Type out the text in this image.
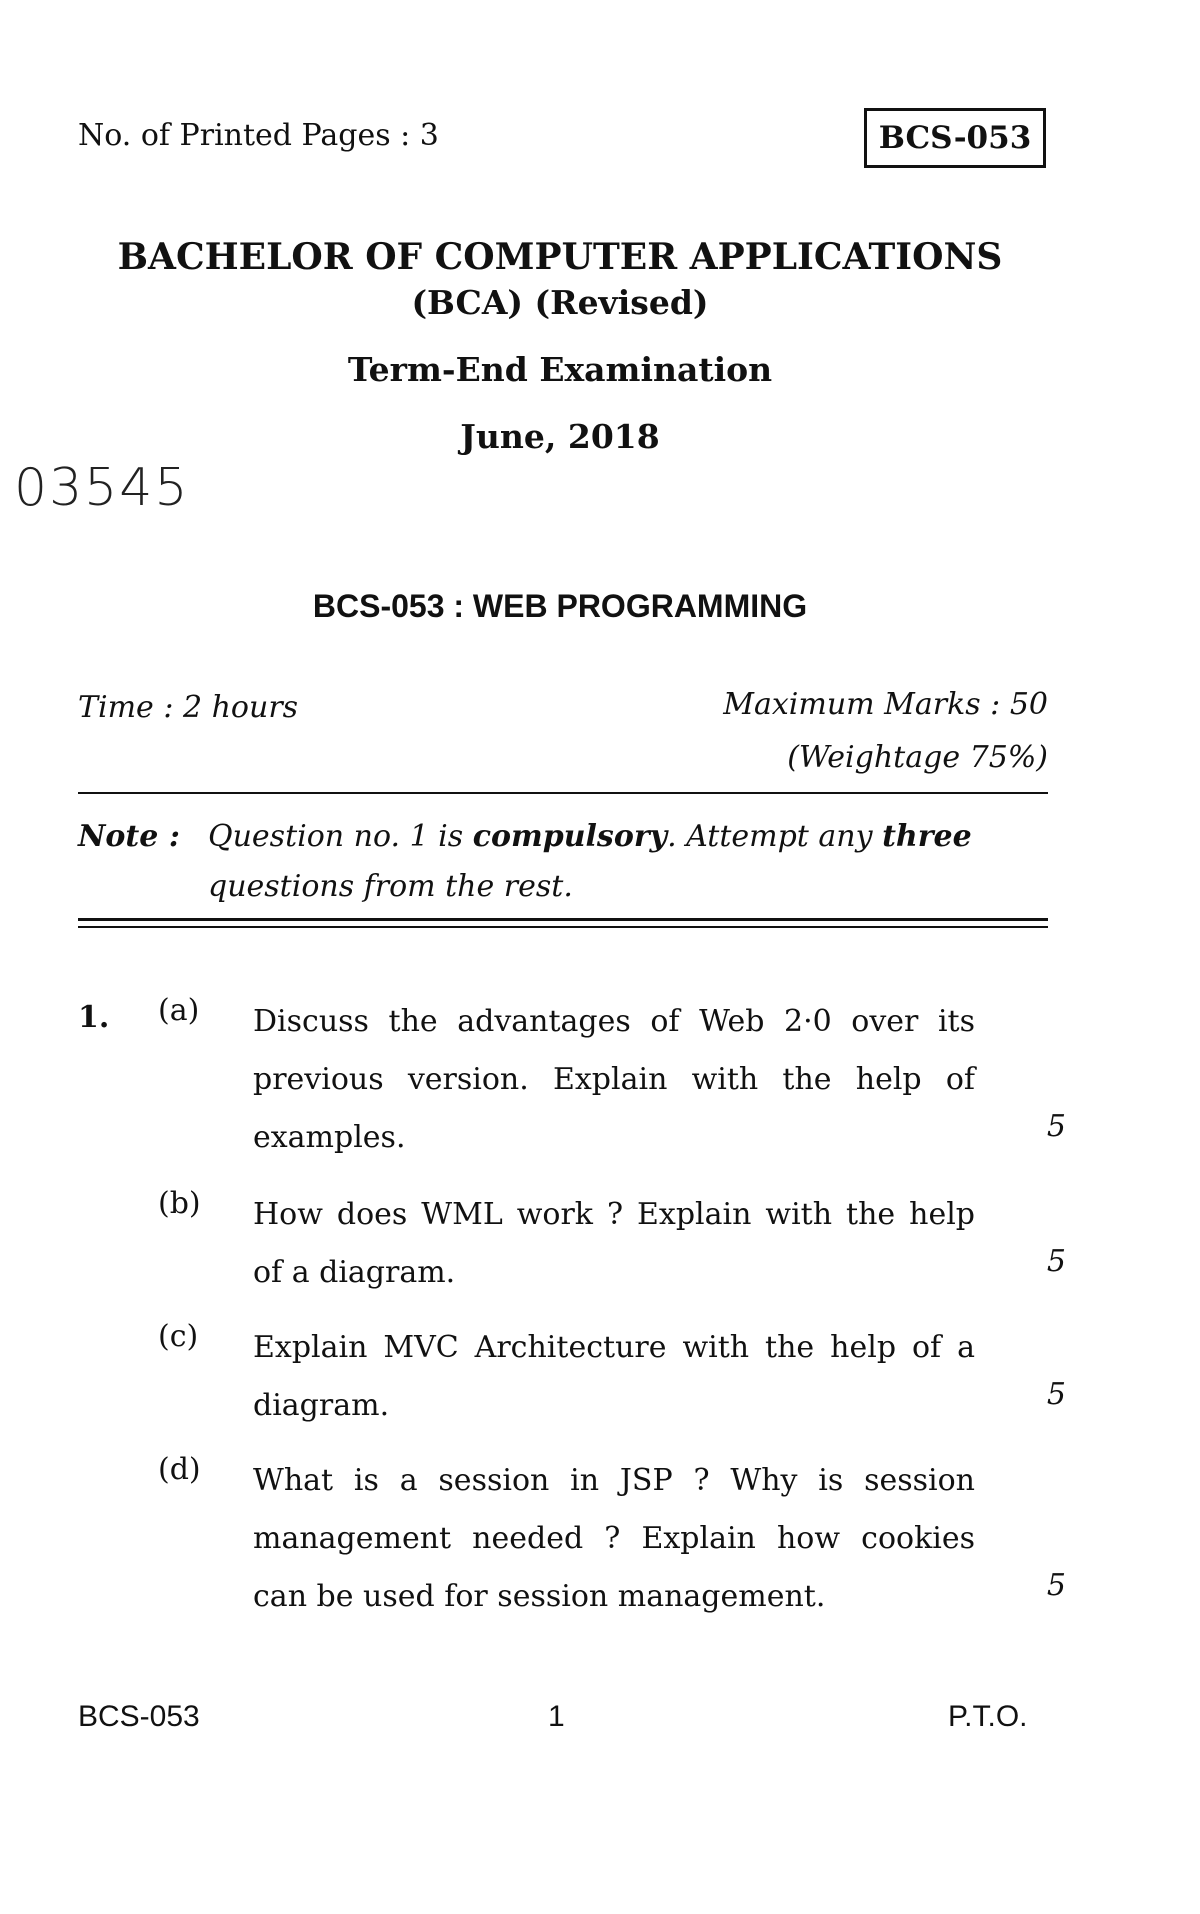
No. of Printed Pages : 3	BCS-053
BACHELOR OF COMPUTER APPLICATIONS
(BCA) (Revised)
Term-End Examination
June, 2018
03545
BCS-053 : WEB PROGRAMMING
Time : 2 hours	Maximum Marks : 50
(Weightage 75%)
Note : Question no. 1 is compulsory. Attempt any three questions from the rest.
1. (a)	Discuss the advantages of Web 2·0 over its previous version. Explain with the help of examples.	5
(b)	How does WML work ? Explain with the help of a diagram.	5
(c)	Explain MVC Architecture with the help of a diagram.	5
(d)	What is a session in JSP ? Why is session management needed ? Explain how cookies can be used for session management.	5
BCS-053	1	P.T.O.
